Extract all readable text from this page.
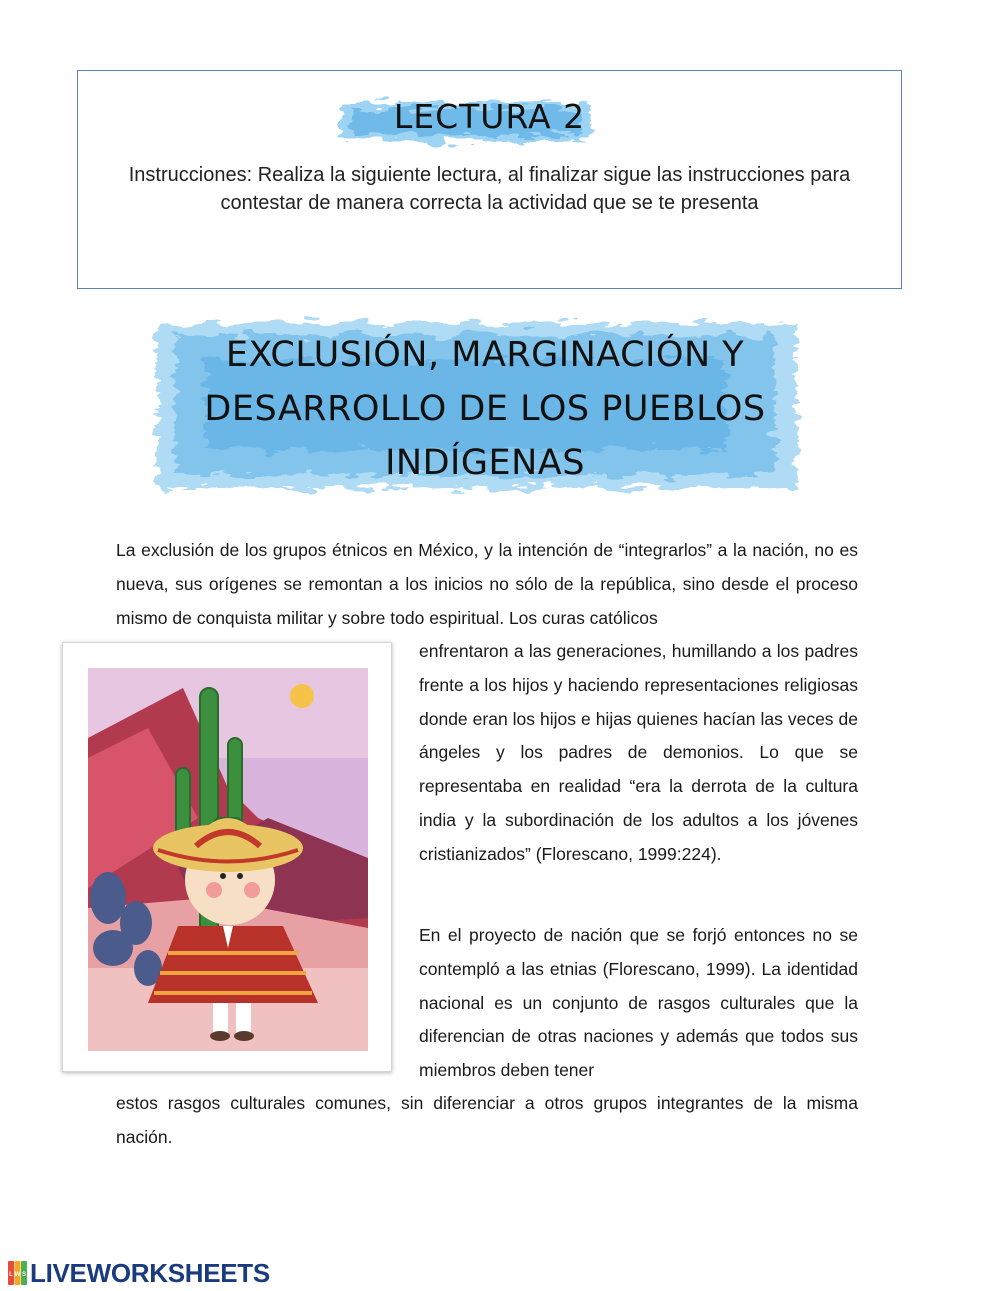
LECTURA 2
Instrucciones: Realiza la siguiente lectura, al finalizar sigue las instrucciones para contestar de manera correcta la actividad que se te presenta
EXCLUSIÓN, MARGINACIÓN Y
DESARROLLO DE LOS PUEBLOS
INDÍGENAS

La exclusión de los grupos étnicos en México, y la intención de “integrarlos” a la nación, no es nueva, sus orígenes se remontan a los inicios no sólo de la república, sino desde el proceso mismo de conquista militar y sobre todo espiritual. Los curas católicos

enfrentaron a las generaciones, humillando a los padres frente a los hijos y haciendo representaciones religiosas donde eran los hijos e hijas quienes hacían las veces de ángeles y los padres de demonios. Lo que se representaba en realidad “era la derrota de la cultura india y la subordinación de los adultos a los jóvenes cristianizados” (Florescano, 1999:224).

En el proyecto de nación que se forjó entonces no se contempló a las etnias (Florescano, 1999). La identidad nacional es un conjunto de rasgos culturales que la diferencian de otras naciones y además que todos sus miembros deben tener

estos rasgos culturales comunes, sin diferenciar a otros grupos integrantes de la misma nación.

L W S LIVEWORKSHEETS
